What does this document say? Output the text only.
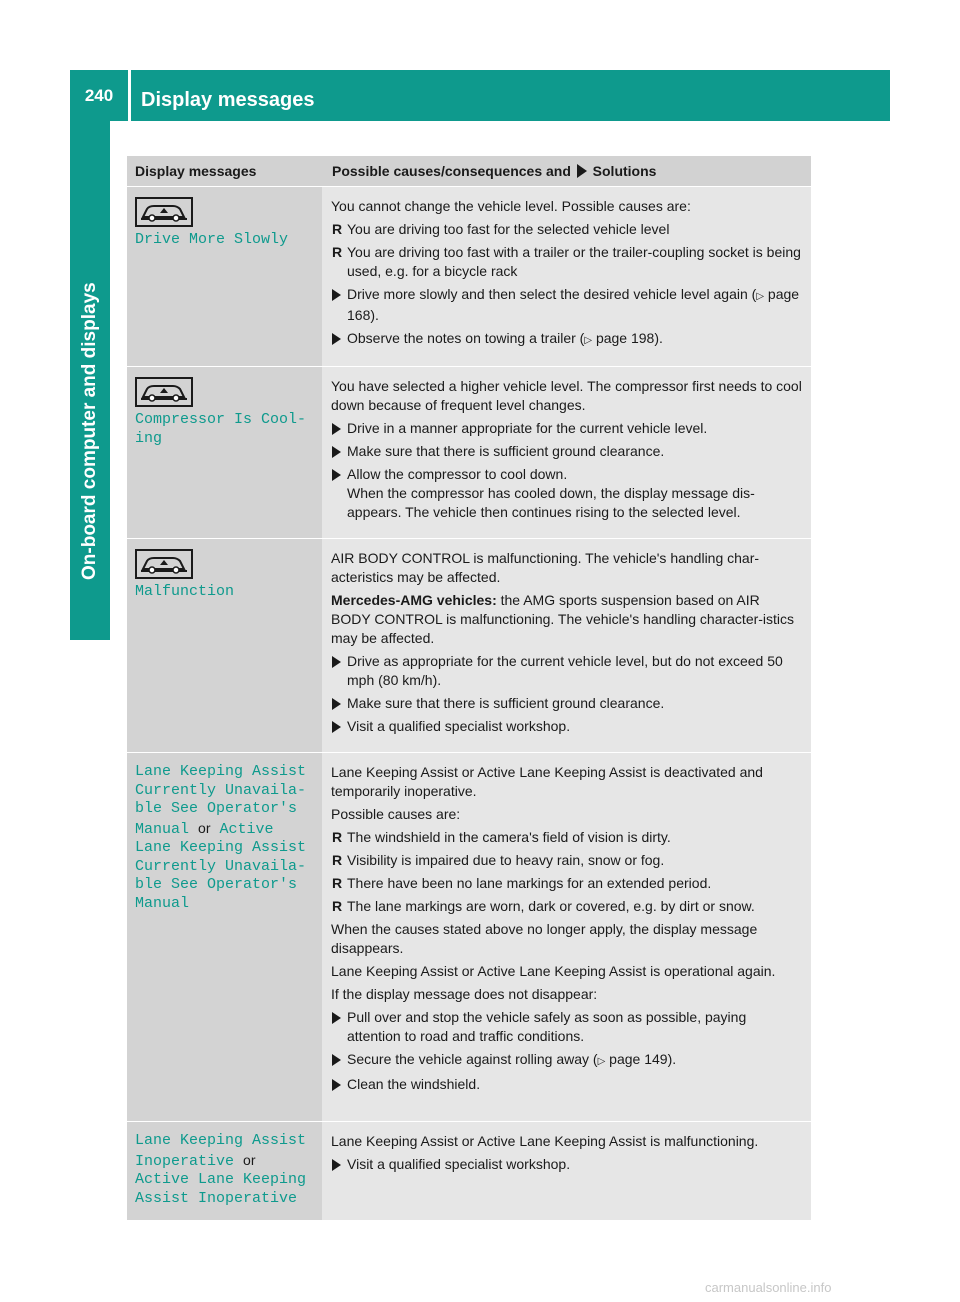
240	Display messages
On-board computer and displays
Display messages	Possible causes/consequences and  Solutions
Drive More Slowly
You cannot change the vehicle level. Possible causes are:
R You are driving too fast for the selected vehicle level
R You are driving too fast with a trailer or the trailer-coupling socket is being used, e.g. for a bicycle rack
Drive more slowly and then select the desired vehicle level again (▷ page 168).
Observe the notes on towing a trailer (▷ page 198).
Compressor Is Cool‐
ing
You have selected a higher vehicle level. The compressor first needs to cool down because of frequent level changes.
Drive in a manner appropriate for the current vehicle level.
Make sure that there is sufficient ground clearance.
Allow the compressor to cool down.
When the compressor has cooled down, the display message dis-appears. The vehicle then continues rising to the selected level.
Malfunction
AIR BODY CONTROL is malfunctioning. The vehicle's handling char-acteristics may be affected.
Mercedes-AMG vehicles: the AMG sports suspension based on AIR BODY CONTROL is malfunctioning. The vehicle's handling character-istics may be affected.
Drive as appropriate for the current vehicle level, but do not exceed 50 mph (80 km/h).
Make sure that there is sufficient ground clearance.
Visit a qualified specialist workshop.
Lane Keeping Assist
Currently Unavaila‐
ble See Operator's
Manual or Active
Lane Keeping Assist
Currently Unavaila‐
ble See Operator's
Manual
Lane Keeping Assist or Active Lane Keeping Assist is deactivated and temporarily inoperative.
Possible causes are:
R The windshield in the camera's field of vision is dirty.
R Visibility is impaired due to heavy rain, snow or fog.
R There have been no lane markings for an extended period.
R The lane markings are worn, dark or covered, e.g. by dirt or snow.
When the causes stated above no longer apply, the display message disappears.
Lane Keeping Assist or Active Lane Keeping Assist is operational again.
If the display message does not disappear:
Pull over and stop the vehicle safely as soon as possible, paying attention to road and traffic conditions.
Secure the vehicle against rolling away (▷ page 149).
Clean the windshield.
Lane Keeping Assist
Inoperative or
Active Lane Keeping
Assist Inoperative
Lane Keeping Assist or Active Lane Keeping Assist is malfunctioning.
Visit a qualified specialist workshop.
carmanualsonline.info
